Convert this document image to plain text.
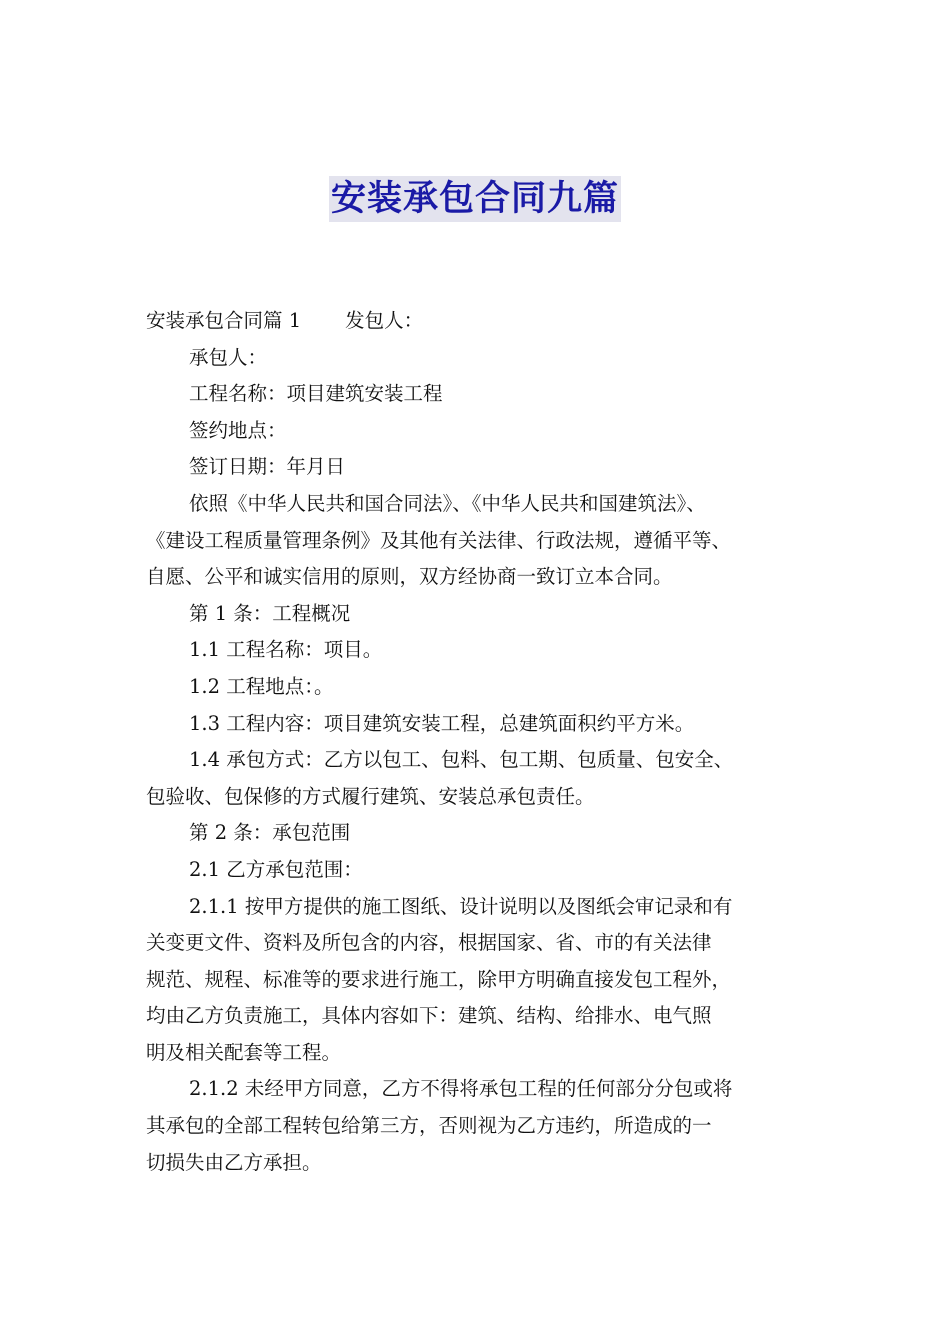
安装承包合同九篇

安装承包合同篇 1 发包人：

承包人：

工程名称：项目建筑安装工程

签约地点：

签订日期：年月日

依照《中华人民共和国合同法》、《中华人民共和国建筑法》、

《建设工程质量管理条例》及其他有关法律、行政法规，遵循平等、

自愿、公平和诚实信用的原则，双方经协商一致订立本合同。

第 1 条：工程概况

1.1 工程名称：项目。

1.2 工程地点：。

1.3 工程内容：项目建筑安装工程，总建筑面积约平方米。

1.4 承包方式：乙方以包工、包料、包工期、包质量、包安全、

包验收、包保修的方式履行建筑、安装总承包责任。

第 2 条：承包范围

2.1 乙方承包范围：

2.1.1 按甲方提供的施工图纸、设计说明以及图纸会审记录和有

关变更文件、资料及所包含的内容，根据国家、省、市的有关法律

规范、规程、标准等的要求进行施工，除甲方明确直接发包工程外，

均由乙方负责施工，具体内容如下：建筑、结构、给排水、电气照

明及相关配套等工程。

2.1.2 未经甲方同意，乙方不得将承包工程的任何部分分包或将

其承包的全部工程转包给第三方，否则视为乙方违约，所造成的一

切损失由乙方承担。
